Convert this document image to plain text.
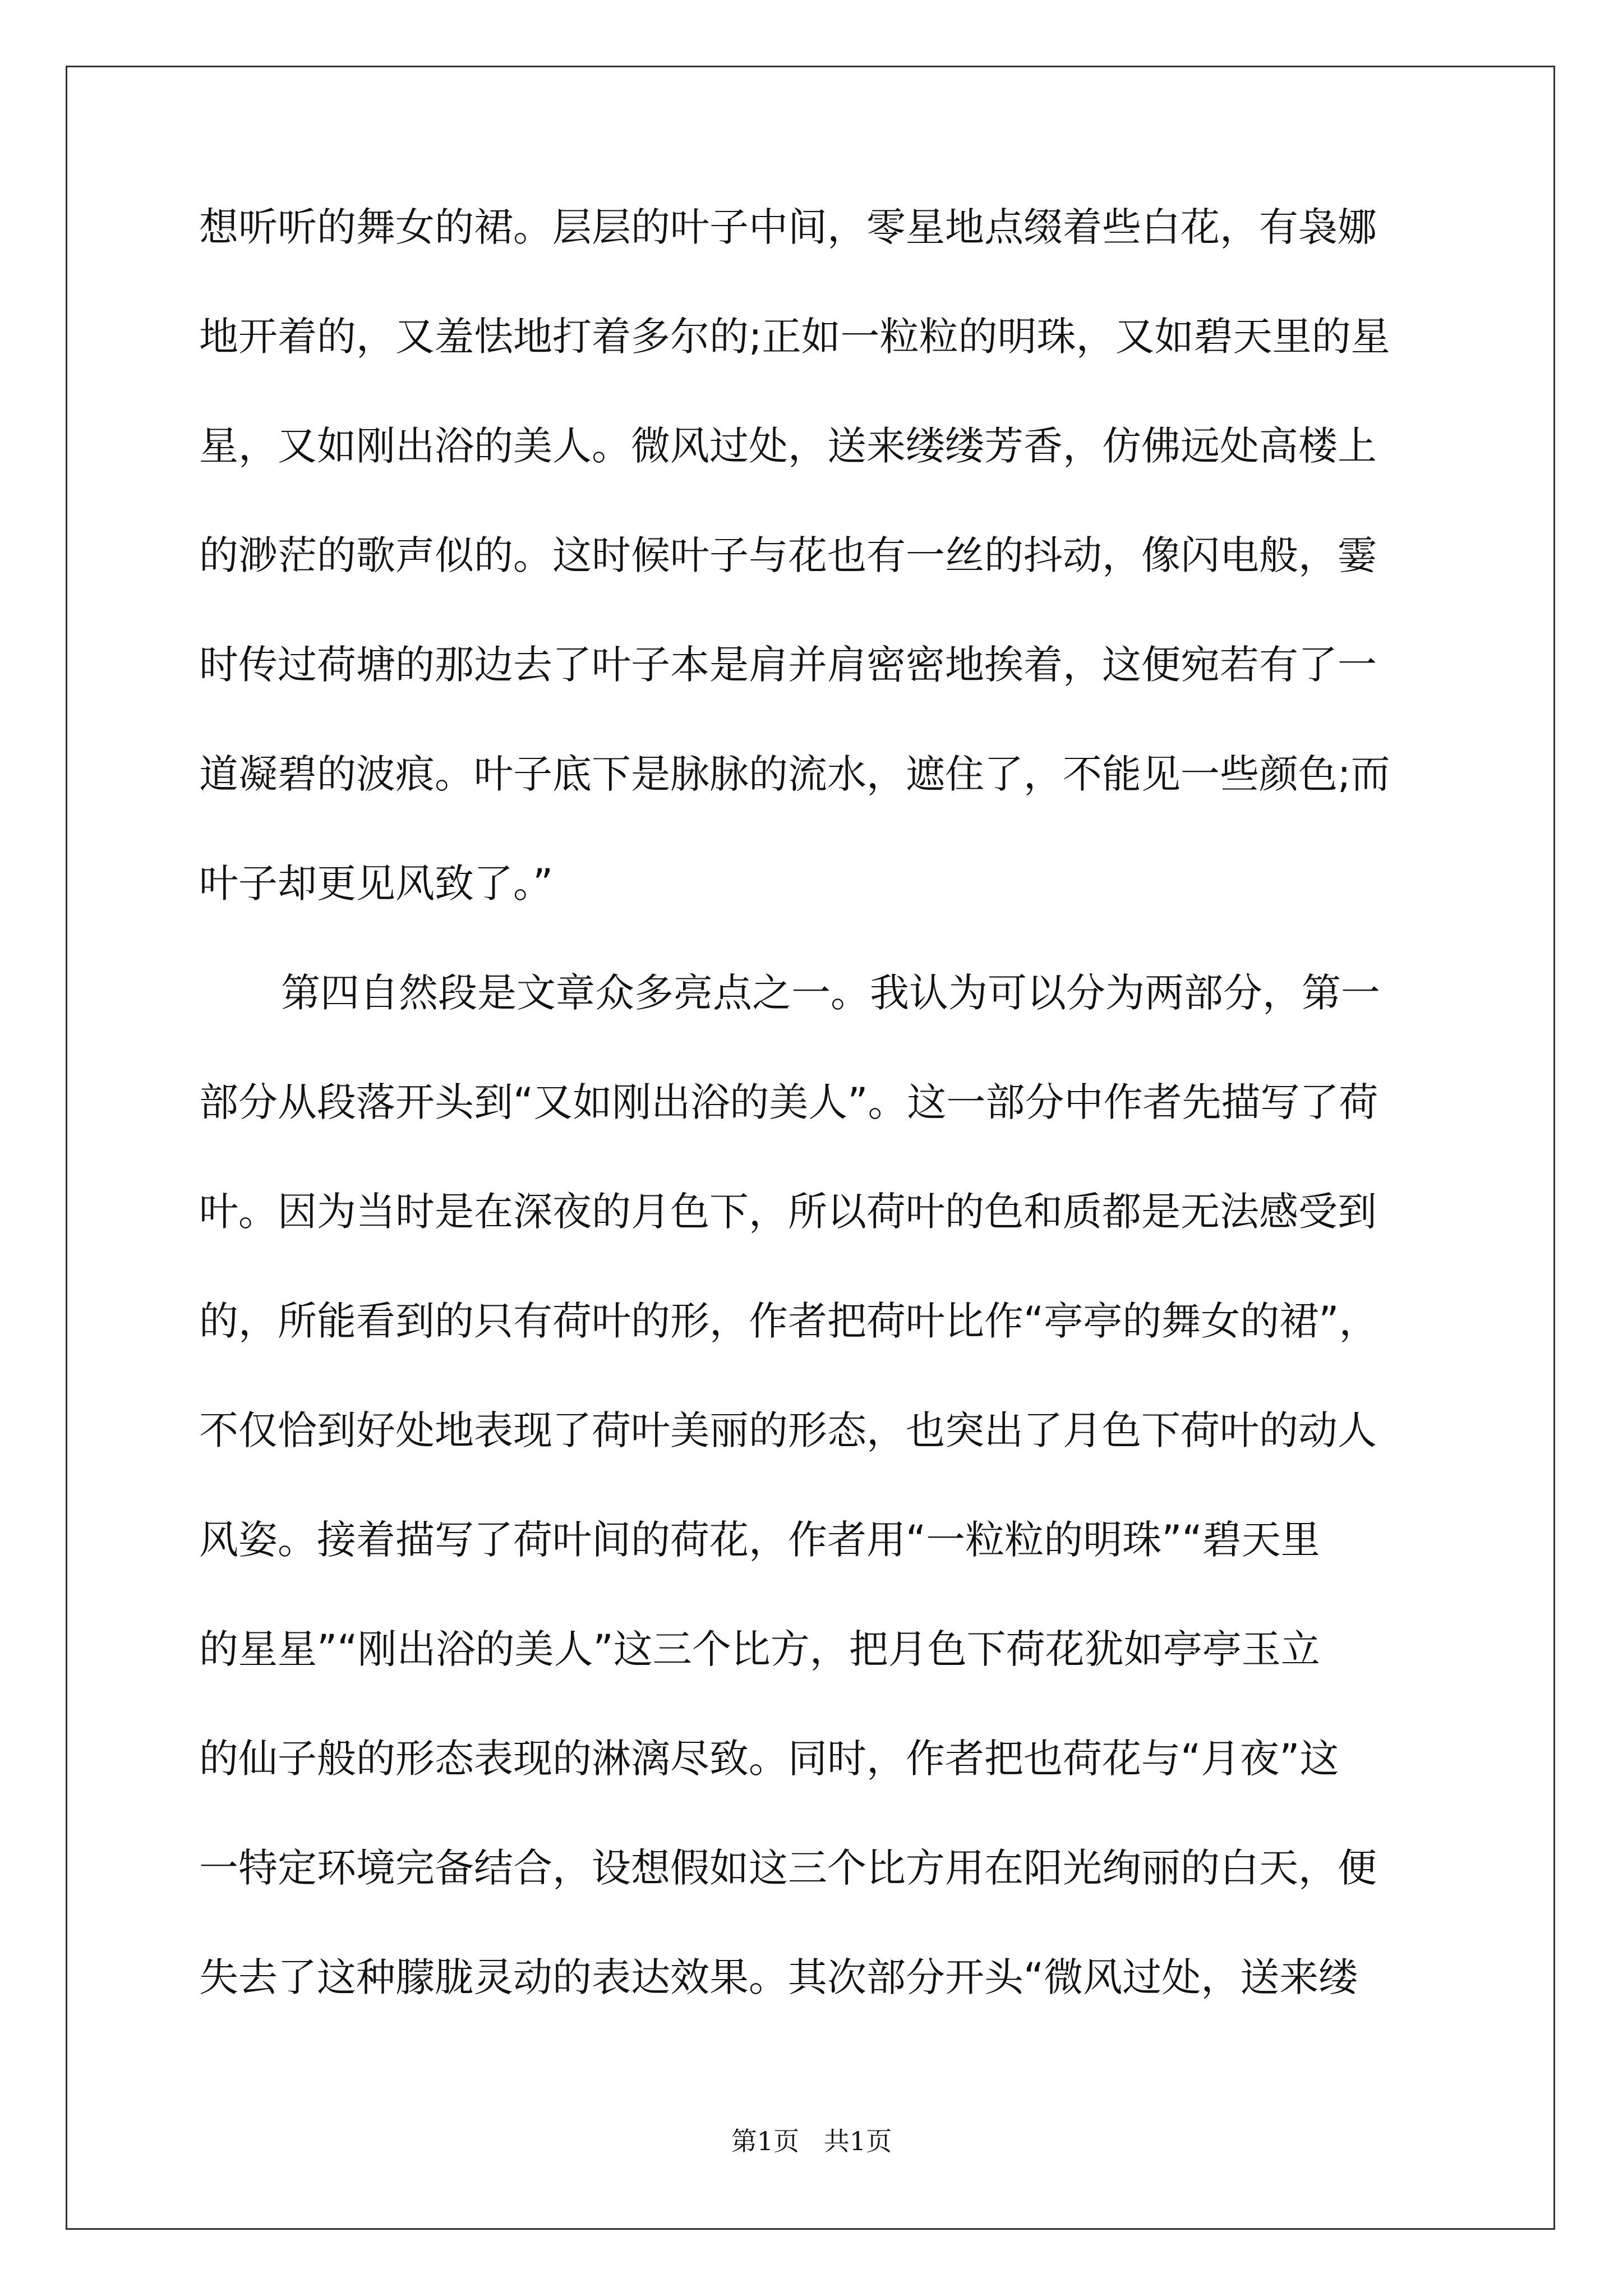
想听听的舞女的裙。层层的叶子中间，零星地点缀着些白花，有袅娜
地开着的，又羞怯地打着多尔的;正如一粒粒的明珠，又如碧天里的星
星，又如刚出浴的美人。微风过处，送来缕缕芳香，仿佛远处高楼上
的渺茫的歌声似的。这时候叶子与花也有一丝的抖动，像闪电般，霎
时传过荷塘的那边去了叶子本是肩并肩密密地挨着，这便宛若有了一
道凝碧的波痕。叶子底下是脉脉的流水，遮住了，不能见一些颜色;而
叶子却更见风致了。”
第四自然段是文章众多亮点之一。我认为可以分为两部分，第一
部分从段落开头到“又如刚出浴的美人”。这一部分中作者先描写了荷
叶。因为当时是在深夜的月色下，所以荷叶的色和质都是无法感受到
的，所能看到的只有荷叶的形，作者把荷叶比作“亭亭的舞女的裙”，
不仅恰到好处地表现了荷叶美丽的形态，也突出了月色下荷叶的动人
风姿。接着描写了荷叶间的荷花，作者用“一粒粒的明珠”“碧天里
的星星”“刚出浴的美人”这三个比方，把月色下荷花犹如亭亭玉立
的仙子般的形态表现的淋漓尽致。同时，作者把也荷花与“月夜”这
一特定环境完备结合，设想假如这三个比方用在阳光绚丽的白天，便
失去了这种朦胧灵动的表达效果。其次部分开头“微风过处，送来缕
第1页   共1页
